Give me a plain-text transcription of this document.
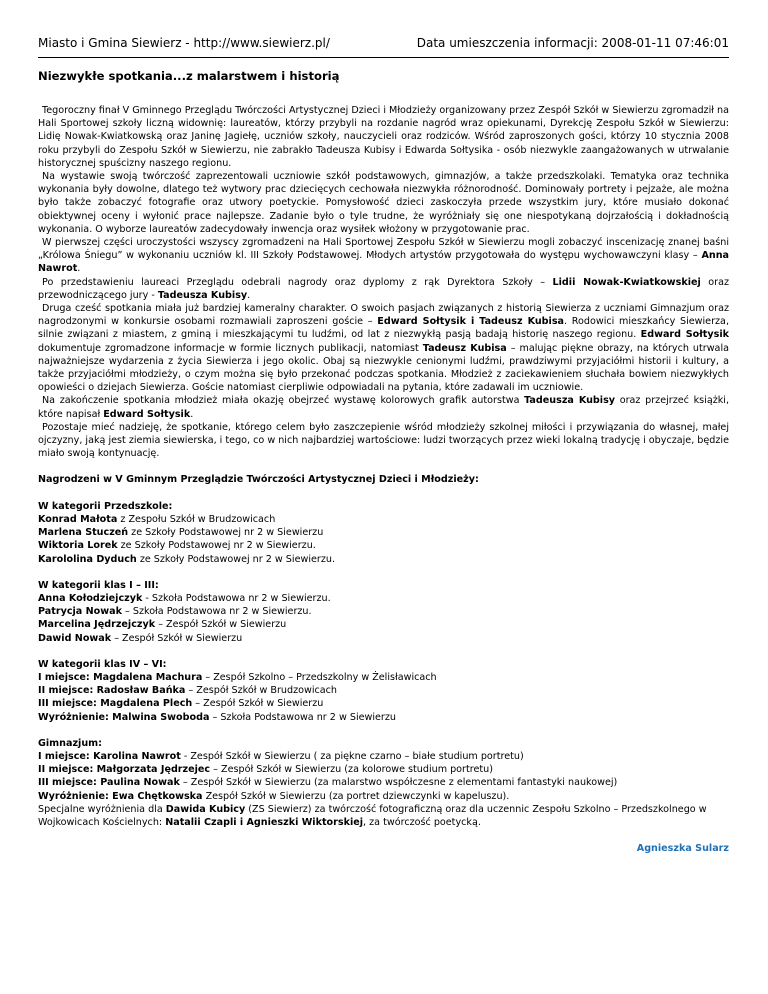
Miasto i Gmina Siewierz - http://www.siewierz.pl/	Data umieszczenia informacji: 2008-01-11 07:46:01
Niezwykłe spotkania...z malarstwem i historią

Tegoroczny finał V Gminnego Przeglądu Twórczości Artystycznej Dzieci i Młodzieży organizowany przez Zespół Szkół w Siewierzu zgromadził na Hali Sportowej szkoły liczną widownię: laureatów, którzy przybyli na rozdanie nagród wraz opiekunami, Dyrekcję Zespołu Szkół w Siewierzu: Lidię Nowak-Kwiatkowską oraz Janinę Jagiełę, uczniów szkoły, nauczycieli oraz rodziców. Wśród zaproszonych gości, którzy 10 stycznia 2008 roku przybyli do Zespołu Szkół w Siewierzu, nie zabrakło Tadeusza Kubisy i Edwarda Sołtysika - osób niezwykle zaangażowanych w utrwalanie historycznej spuścizny naszego regionu.

Na wystawie swoją twórczość zaprezentowali uczniowie szkół podstawowych, gimnazjów, a także przedszkolaki. Tematyka oraz technika wykonania były dowolne, dlatego też wytwory prac dziecięcych cechowała niezwykła różnorodność. Dominowały portrety i pejzaże, ale można było także zobaczyć fotografie oraz utwory poetyckie. Pomysłowość dzieci zaskoczyła przede wszystkim jury, które musiało dokonać obiektywnej oceny i wyłonić prace najlepsze. Zadanie było o tyle trudne, że wyróżniały się one niespotykaną dojrzałością i dokładnością wykonania. O wyborze laureatów zadecydowały inwencja oraz wysiłek włożony w przygotowanie prac.

W pierwszej części uroczystości wszyscy zgromadzeni na Hali Sportowej Zespołu Szkół w Siewierzu mogli zobaczyć inscenizację znanej baśni „Królowa Śniegu” w wykonaniu uczniów kl. III Szkoły Podstawowej. Młodych artystów przygotowała do występu wychowawczyni klasy – Anna Nawrot.

Po przedstawieniu laureaci Przeglądu odebrali nagrody oraz dyplomy z rąk Dyrektora Szkoły – Lidii Nowak-Kwiatkowskiej oraz przewodniczącego jury - Tadeusza Kubisy.

Druga cześć spotkania miała już bardziej kameralny charakter. O swoich pasjach związanych z historią Siewierza z uczniami Gimnazjum oraz nagrodzonymi w konkursie osobami rozmawiali zaproszeni goście – Edward Sołtysik i Tadeusz Kubisa. Rodowici mieszkańcy Siewierza, silnie związani z miastem, z gminą i mieszkającymi tu ludźmi, od lat z niezwykłą pasją badają historię naszego regionu. Edward Sołtysik dokumentuje zgromadzone informacje w formie licznych publikacji, natomiast Tadeusz Kubisa – malując piękne obrazy, na których utrwala najważniejsze wydarzenia z życia Siewierza i jego okolic. Obaj są niezwykle cenionymi ludźmi, prawdziwymi przyjaciółmi historii i kultury, a także przyjaciółmi młodzieży, o czym można się było przekonać podczas spotkania. Młodzież z zaciekawieniem słuchała bowiem niezwykłych opowieści o dziejach Siewierza. Goście natomiast cierpliwie odpowiadali na pytania, które zadawali im uczniowie.

Na zakończenie spotkania młodzież miała okazję obejrzeć wystawę kolorowych grafik autorstwa Tadeusza Kubisy oraz przejrzeć książki, które napisał Edward Sołtysik.

Pozostaje mieć nadzieję, że spotkanie, którego celem było zaszczepienie wśród młodzieży szkolnej miłości i przywiązania do własnej, małej ojczyzny, jaką jest ziemia siewierska, i tego, co w nich najbardziej wartościowe: ludzi tworzących przez wieki lokalną tradycję i obyczaje, będzie miało swoją kontynuację.

Nagrodzeni w V Gminnym Przeglądzie Twórczości Artystycznej Dzieci i Młodzieży:
W kategorii Przedszkole:
Konrad Małota z Zespołu Szkół w Brudzowicach
Marlena Stuczeń ze Szkoły Podstawowej nr 2 w Siewierzu
Wiktoria Lorek ze Szkoły Podstawowej nr 2 w Siewierzu.
Karololina Dyduch ze Szkoły Podstawowej nr 2 w Siewierzu.
W kategorii klas I – III:
Anna Kołodziejczyk - Szkoła Podstawowa nr 2 w Siewierzu.
Patrycja Nowak – Szkoła Podstawowa nr 2 w Siewierzu.
Marcelina Jędrzejczyk – Zespół Szkół w Siewierzu
Dawid Nowak – Zespół Szkół w Siewierzu
W kategorii klas IV – VI:
I miejsce: Magdalena Machura – Zespół Szkolno – Przedszkolny w Żelisławicach
II miejsce: Radosław Bańka – Zespół Szkół w Brudzowicach
III miejsce: Magdalena Plech – Zespół Szkół w Siewierzu
Wyróżnienie: Malwina Swoboda – Szkoła Podstawowa nr 2 w Siewierzu
Gimnazjum:
I miejsce: Karolina Nawrot - Zespół Szkół w Siewierzu ( za piękne czarno – białe studium portretu)
II miejsce: Małgorzata Jędrzejec – Zespół Szkół w Siewierzu (za kolorowe studium portretu)
III miejsce: Paulina Nowak – Zespół Szkół w Siewierzu (za malarstwo współczesne z elementami fantastyki naukowej)
Wyróżnienie: Ewa Chętkowska Zespół Szkół w Siewierzu (za portret dziewczynki w kapeluszu).
Specjalne wyróżnienia dla Dawida Kubicy (ZS Siewierz) za twórczość fotograficzną oraz dla uczennic Zespołu Szkolno – Przedszkolnego w Wojkowicach Kościelnych: Natalii Czapli i Agnieszki Wiktorskiej, za twórczość poetycką.
Agnieszka Sularz
